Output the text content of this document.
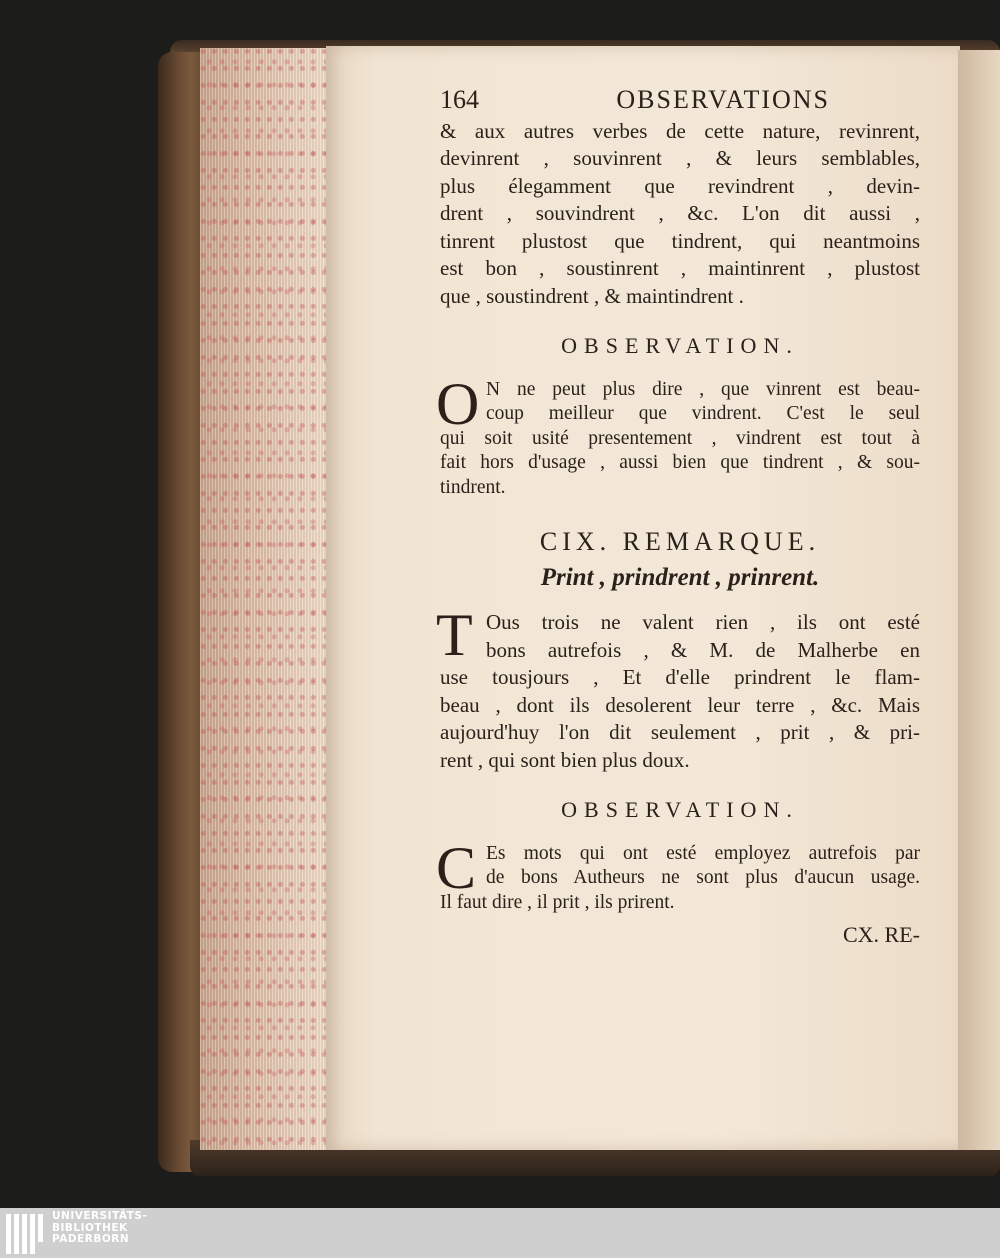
164	OBSERVATIONS
& aux autres verbes de cette nature, revinrent,
devinrent , souvinrent , & leurs semblables,
plus élegamment que revindrent , devin-
drent , souvindrent , &c. L'on dit aussi ,
tinrent plustost que tindrent, qui neantmoins
est bon , soustinrent , maintinrent , plustost
que , soustindrent , & maintindrent .
OBSERVATION.
O N ne peut plus dire , que vinrent est beau-
coup meilleur que vindrent. C'est le seul
qui soit usité presentement , vindrent est tout à
fait hors d'usage , aussi bien que tindrent , & sou-
tindrent.
CIX. REMARQUE.
Print , prindrent , prinrent.
T Ous trois ne valent rien , ils ont esté
bons autrefois , & M. de Malherbe en
use tousjours , Et d'elle prindrent le flam-
beau , dont ils desolerent leur terre , &c. Mais
aujourd'huy l'on dit seulement , prit , & pri-
rent , qui sont bien plus doux.
OBSERVATION.
C Es mots qui ont esté employez autrefois par
de bons Autheurs ne sont plus d'aucun usage.
Il faut dire , il prit , ils prirent.
CX. RE-
UNIVERSITÄTS-
BIBLIOTHEK
PADERBORN
